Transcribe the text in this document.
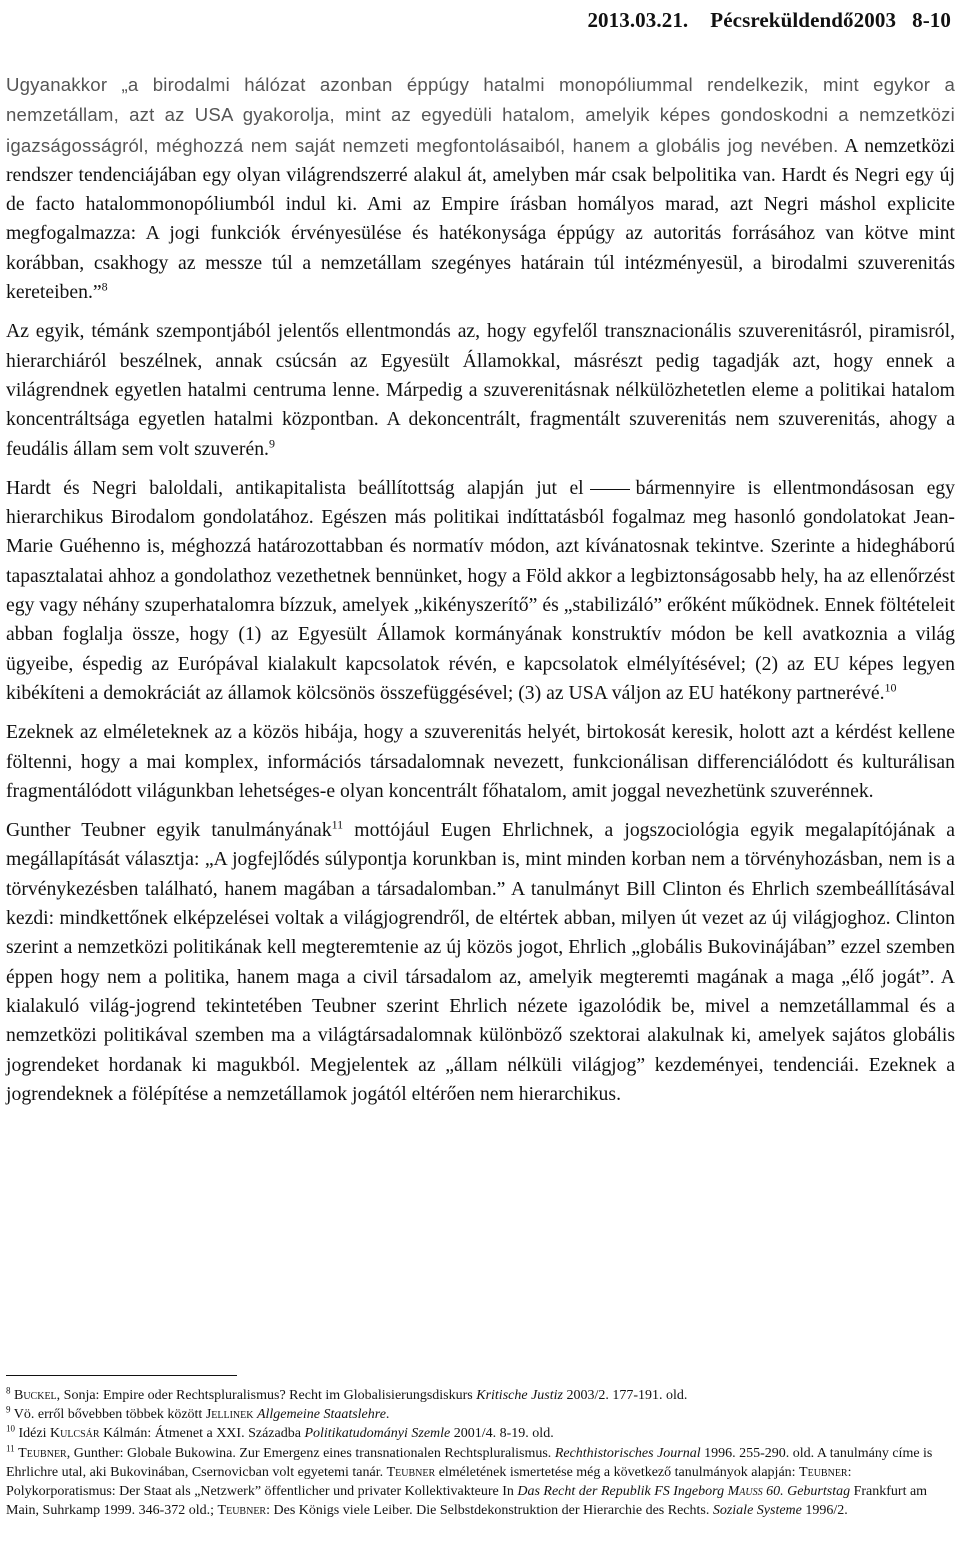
2013.03.21. Pécsreküldendő2003   8-10

Ugyanakkor „a birodalmi hálózat azonban éppúgy hatalmi monopóliummal rendelkezik, mint egykor a nemzetállam, azt az USA gyakorolja, mint az egyedüli hatalom, amelyik képes gondoskodni a nemzetközi igazságosságról, méghozzá nem saját nemzeti megfontolásaiból, hanem a globális jog nevében. A nemzetközi rendszer tendenciájában egy olyan világrendszerré alakul át, amelyben már csak belpolitika van. Hardt és Negri egy új de facto hatalommonopóliumból indul ki. Ami az Empire írásban homályos marad, azt Negri máshol explicite megfogalmazza: A jogi funkciók érvényesülése és hatékonysága éppúgy az autoritás forrásához van kötve mint korábban, csakhogy az messze túl a nemzetállam szegényes határain túl intézményesül, a birodalmi szuverenitás kereteiben.”$^8$

Az egyik, témánk szempontjából jelentős ellentmondás az, hogy egyfelől transznacionális szuverenitásról, piramisról, hierarchiáról beszélnek, annak csúcsán az Egyesült Államokkal, másrészt pedig tagadják azt, hogy ennek a világrendnek egyetlen hatalmi centruma lenne. Márpedig a szuverenitásnak nélkülözhetetlen eleme a politikai hatalom koncentráltsága egyetlen hatalmi központban. A dekoncentrált, fragmentált szuverenitás nem szuverenitás, ahogy a feudális állam sem volt szuverén.$^9$

Hardt és Negri baloldali, antikapitalista beállítottság alapján jut el	bármennyire is ellentmondásosan egy hierarchikus Birodalom gondolatához. Egészen más politikai indíttatásból fogalmaz meg hasonló gondolatokat Jean-Marie Guéhenno is, méghozzá határozottabban és normatív módon, azt kívánatosnak tekintve. Szerinte a hidegháború tapasztalatai ahhoz a gondolathoz vezethetnek bennünket, hogy a Föld akkor a legbiztonságosabb hely, ha az ellenőrzést egy vagy néhány szuperhatalomra bízzuk, amelyek „kikényszerítő” és „stabilizáló” erőként működnek. Ennek föltételeit abban foglalja össze, hogy (1) az Egyesült Államok kormányának konstruktív módon be kell avatkoznia a világ ügyeibe, éspedig az Európával kialakult kapcsolatok révén, e kapcsolatok elmélyítésével; (2) az EU képes legyen kibékíteni a demokráciát az államok kölcsönös összefüggésével; (3) az USA váljon az EU hatékony partnerévé.$^{10}$

Ezeknek az elméleteknek az a közös hibája, hogy a szuverenitás helyét, birtokosát keresik, holott azt a kérdést kellene föltenni, hogy a mai komplex, információs társadalomnak nevezett, funkcionálisan differenciálódott és kulturálisan fragmentálódott világunkban lehetséges-e olyan koncentrált főhatalom, amit joggal nevezhetünk szuverénnek.

Gunther Teubner egyik tanulmányának$^{11}$ mottójául Eugen Ehrlichnek, a jogszociológia egyik megalapítójának a megállapítását választja: „A jogfejlődés súlypontja korunkban is, mint minden korban nem a törvényhozásban, nem is a törvénykezésben található, hanem magában a társadalomban.” A tanulmányt Bill Clinton és Ehrlich szembeállításával kezdi: mindkettőnek elképzelései voltak a világjogrendről, de eltértek abban, milyen út vezet az új világjoghoz. Clinton szerint a nemzetközi politikának kell megteremtenie az új közös jogot, Ehrlich „globális Bukovinájában” ezzel szemben éppen hogy nem a politika, hanem maga a civil társadalom az, amelyik megteremti magának a maga „élő jogát”. A kialakuló világ-jogrend tekintetében Teubner szerint Ehrlich nézete igazolódik be, mivel a nemzetállammal és a nemzetközi politikával szemben ma a világtársadalomnak különböző szektorai alakulnak ki, amelyek sajátos globális jogrendeket hordanak ki magukból. Megjelentek az „állam nélküli világjog” kezdeményei, tendenciái. Ezeknek a jogrendeknek a fölépítése a nemzetállamok jogától eltérően nem hierarchikus.

$^8$ Buckel, Sonja: Empire oder Rechtspluralismus? Recht im Globalisierungsdiskurs Kritische Justiz 2003/2. 177-191. old.

$^9$ Vö. erről bővebben többek között Jellinek Allgemeine Staatslehre.

$^{10}$ Idézi Kulcsár Kálmán: Átmenet a XXI. Századba Politikatudományi Szemle 2001/4. 8-19. old.

$^{11}$ Teubner, Gunther: Globale Bukowina. Zur Emergenz eines transnationalen Rechtspluralismus. Rechthistorisches Journal 1996. 255-290. old. A tanulmány címe is Ehrlichre utal, aki Bukovinában, Csernovicban volt egyetemi tanár. Teubner elméletének ismertetése még a következő tanulmányok alapján: Teubner: Polykorporatismus: Der Staat als „Netzwerk” öffentlicher und privater Kollektivakteure In Das Recht der Republik FS Ingeborg Mauss 60. Geburtstag Frankfurt am Main, Suhrkamp 1999. 346-372 old.; Teubner: Des Königs viele Leiber. Die Selbstdekonstruktion der Hierarchie des Rechts. Soziale Systeme 1996/2.
